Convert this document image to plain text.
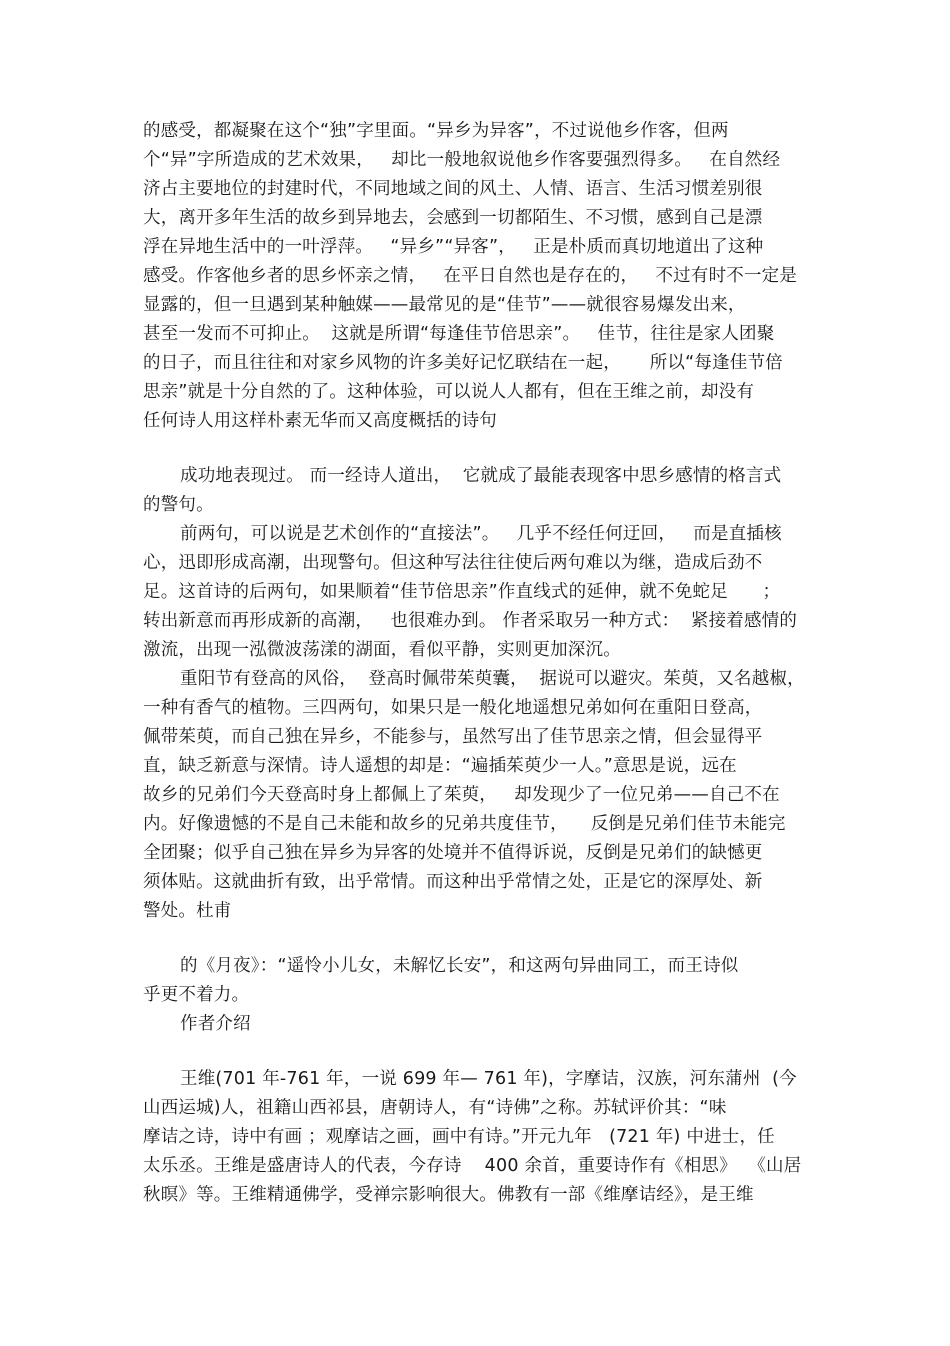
的感受，都凝聚在这个“独”字里面。“异乡为异客”，不过说他乡作客，但两
个“异”字所造成的艺术效果，   却比一般地叙说他乡作客要强烈得多。   在自然经
济占主要地位的封建时代，不同地域之间的风土、人情、语言、生活习惯差别很
大，离开多年生活的故乡到异地去，会感到一切都陌生、不习惯，感到自己是漂
浮在异地生活中的一叶浮萍。   “异乡”“异客”，   正是朴质而真切地道出了这种
感受。作客他乡者的思乡怀亲之情，   在平日自然也是存在的，   不过有时不一定是
显露的，但一旦遇到某种触媒——最常见的是“佳节”——就很容易爆发出来，
甚至一发而不可抑止。  这就是所谓“每逢佳节倍思亲”。   佳节，往往是家人团聚
的日子，而且往往和对家乡风物的许多美好记忆联结在一起，     所以“每逢佳节倍
思亲”就是十分自然的了。这种体验，可以说人人都有，但在王维之前，却没有
任何诗人用这样朴素无华而又高度概括的诗句
成功地表现过。 而一经诗人道出，  它就成了最能表现客中思乡感情的格言式
的警句。
前两句，可以说是艺术创作的“直接法”。   几乎不经任何迂回，   而是直插核
心，迅即形成高潮，出现警句。但这种写法往往使后两句难以为继，造成后劲不
足。这首诗的后两句，如果顺着“佳节倍思亲”作直线式的延伸，就不免蛇足      ；
转出新意而再形成新的高潮，   也很难办到。 作者采取另一种方式：  紧接着感情的
激流，出现一泓微波荡漾的湖面，看似平静，实则更加深沉。
重阳节有登高的风俗，  登高时佩带茱萸囊，  据说可以避灾。茱萸，又名越椒，
一种有香气的植物。三四两句，如果只是一般化地遥想兄弟如何在重阳日登高，
佩带茱萸，而自己独在异乡，不能参与，虽然写出了佳节思亲之情，但会显得平
直，缺乏新意与深情。诗人遥想的却是：“遍插茱萸少一人。”意思是说，远在
故乡的兄弟们今天登高时身上都佩上了茱萸，   却发现少了一位兄弟——自己不在
内。好像遗憾的不是自己未能和故乡的兄弟共度佳节，    反倒是兄弟们佳节未能完
全团聚；似乎自己独在异乡为异客的处境并不值得诉说，反倒是兄弟们的缺憾更
须体贴。这就曲折有致，出乎常情。而这种出乎常情之处，正是它的深厚处、新
警处。杜甫
的《月夜》：“遥怜小儿女，未解忆长安”，和这两句异曲同工，而王诗似
乎更不着力。
作者介绍
王维(701 年-761 年，一说 699 年— 761 年)，字摩诘，汉族，河东蒲州  (今
山西运城)人，祖籍山西祁县，唐朝诗人，有“诗佛”之称。苏轼评价其：“味
摩诘之诗，诗中有画 ；观摩诘之画，画中有诗。”开元九年   (721 年) 中进士，任
太乐丞。王维是盛唐诗人的代表，今存诗    400 余首，重要诗作有《相思》  《山居
秋暝》等。王维精通佛学，受禅宗影响很大。佛教有一部《维摩诘经》，是王维
